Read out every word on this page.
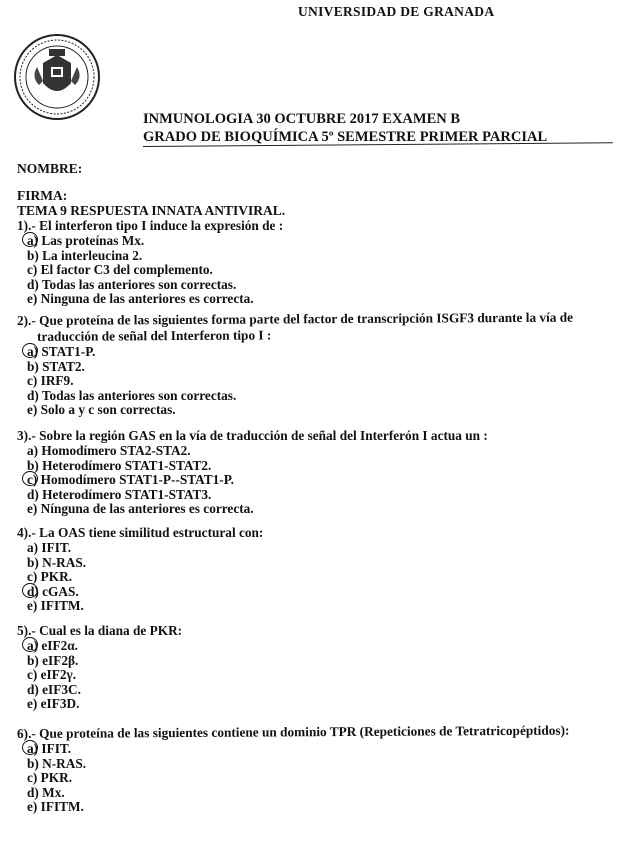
UNIVERSIDAD DE GRANADA
INMUNOLOGIA 30 OCTUBRE 2017 EXAMEN B
GRADO DE BIOQUÍMICA 5º SEMESTRE PRIMER PARCIAL
NOMBRE:
FIRMA:
TEMA 9 RESPUESTA INNATA ANTIVIRAL.
1).- El interferon tipo I induce la expresión de :
a) Las proteínas Mx.
b) La interleucina 2.
c) El factor C3 del complemento.
d) Todas las anteriores son correctas.
e) Ninguna de las anteriores es correcta.
2).- Que proteína de las siguientes forma parte del factor de transcripción ISGF3 durante la vía de traducción de señal del Interferon tipo I :
a) STAT1-P.
b) STAT2.
c) IRF9.
d) Todas las anteriores son correctas.
e) Solo a y c son correctas.
3).- Sobre la región GAS en la vía de traducción de señal del Interferón I actua un :
a) Homodímero STA2-STA2.
b) Heterodímero STAT1-STAT2.
c) Homodímero STAT1-P--STAT1-P.
d) Heterodímero STAT1-STAT3.
e) Nínguna de las anteriores es correcta.
4).- La OAS tiene similitud estructural con:
a) IFIT.
b) N-RAS.
c) PKR.
d) cGAS.
e) IFITM.
5).- Cual es la diana de PKR:
a) eIF2α.
b) eIF2β.
c) eIF2γ.
d) eIF3C.
e) eIF3D.
6).- Que proteína de las siguientes contiene un dominio TPR (Repeticiones de Tetratricopéptidos):
a) IFIT.
b) N-RAS.
c) PKR.
d) Mx.
e) IFITM.
